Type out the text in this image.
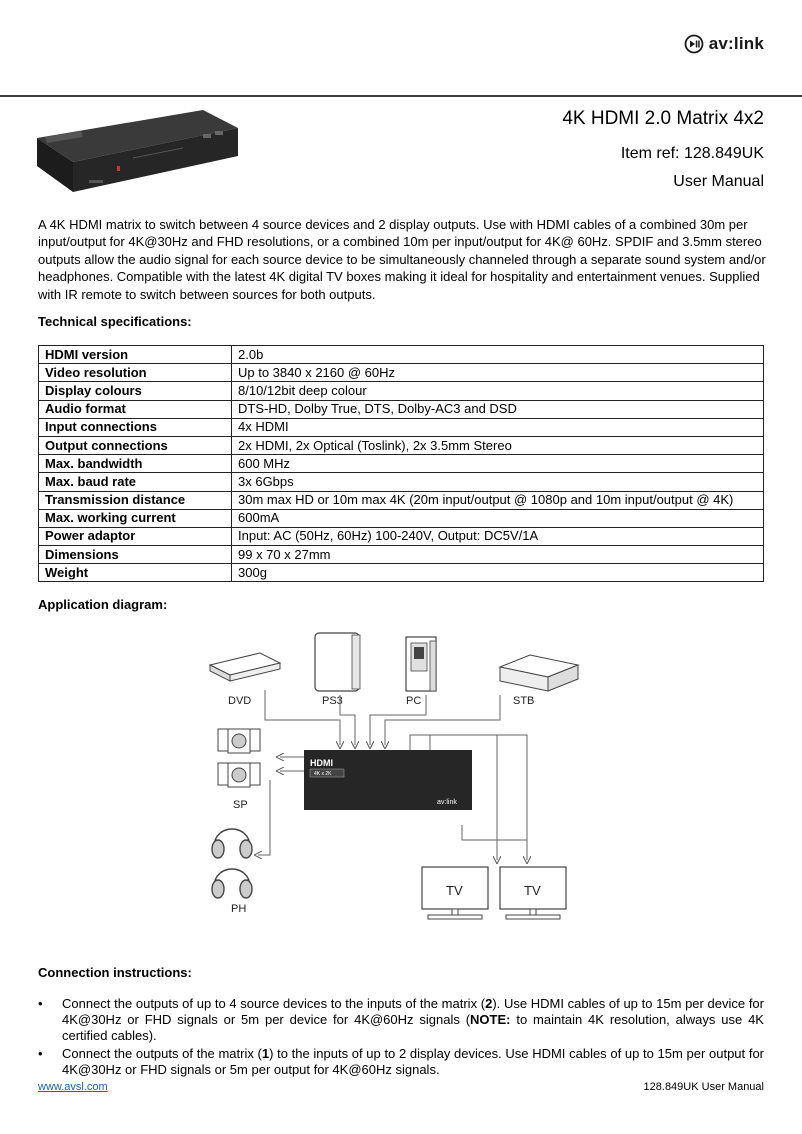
av:link
4K HDMI 2.0 Matrix 4x2
Item ref: 128.849UK
User Manual

A 4K HDMI matrix to switch between 4 source devices and 2 display outputs. Use with HDMI cables of a combined 30m per input/output for 4K@30Hz and FHD resolutions, or a combined 10m per input/output for 4K@ 60Hz. SPDIF and 3.5mm stereo outputs allow the audio signal for each source device to be simultaneously channeled through a separate sound system and/or headphones. Compatible with the latest 4K digital TV boxes making it ideal for hospitality and entertainment venues. Supplied with IR remote to switch between sources for both outputs.

Technical specifications:
HDMI version	2.0b
Video resolution	Up to 3840 x 2160 @ 60Hz
Display colours	8/10/12bit deep colour
Audio format	DTS-HD, Dolby True, DTS, Dolby-AC3 and DSD
Input connections	4x HDMI
Output connections	2x HDMI, 2x Optical (Toslink), 2x 3.5mm Stereo
Max. bandwidth	600 MHz
Max. baud rate	3x 6Gbps
Transmission distance	30m max HD or 10m max 4K (20m input/output @ 1080p and 10m input/output @ 4K)
Max. working current	600mA
Power adaptor	Input: AC (50Hz, 60Hz) 100-240V, Output: DC5V/1A
Dimensions	99 x 70 x 27mm
Weight	300g
Application diagram:
DVD	PS3	PC	STB
HDMI
4K x 2K
av:link
SP
PH
TV	TV
Connection instructions:
• Connect the outputs of up to 4 source devices to the inputs of the matrix (2). Use HDMI cables of up to 15m per device for 4K@30Hz or FHD signals or 5m per device for 4K@60Hz signals (NOTE: to maintain 4K resolution, always use 4K certified cables).
• Connect the outputs of the matrix (1) to the inputs of up to 2 display devices. Use HDMI cables of up to 15m per output for 4K@30Hz or FHD signals or 5m per output for 4K@60Hz signals.
www.avsl.com	128.849UK User Manual
